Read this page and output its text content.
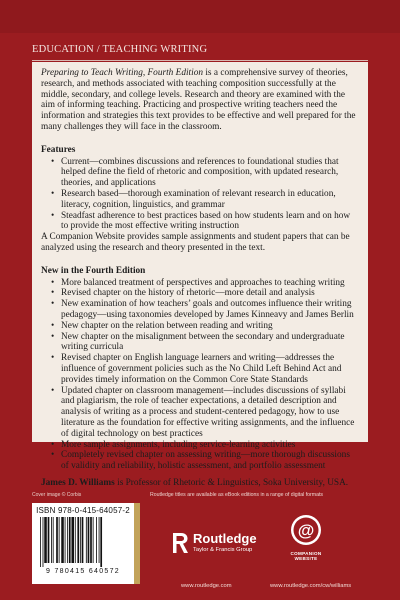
EDUCATION / TEACHING WRITING

Preparing to Teach Writing, Fourth Edition is a comprehensive survey of theories, research, and methods associated with teaching composition successfully at the middle, secondary, and college levels. Research and theory are examined with the aim of informing teaching. Practicing and prospective writing teachers need the information and strategies this text provides to be effective and well prepared for the many challenges they will face in the classroom.

Features

• Current—combines discussions and references to foundational studies that helped define the field of rhetoric and composition, with updated research, theories, and applications
• Research based—thorough examination of relevant research in education, literacy, cognition, linguistics, and grammar
• Steadfast adherence to best practices based on how students learn and on how to provide the most effective writing instruction

A Companion Website provides sample assignments and student papers that can be analyzed using the research and theory presented in the text.

New in the Fourth Edition

• More balanced treatment of perspectives and approaches to teaching writing
• Revised chapter on the history of rhetoric—more detail and analysis
• New examination of how teachers’ goals and outcomes influence their writing pedagogy—using taxonomies developed by James Kinneavy and James Berlin
• New chapter on the relation between reading and writing
• New chapter on the misalignment between the secondary and undergraduate writing curricula
• Revised chapter on English language learners and writing—addresses the influence of government policies such as the No Child Left Behind Act and provides timely information on the Common Core State Standards
• Updated chapter on classroom management—includes discussions of syllabi and plagiarism, the role of teacher expectations, a detailed description and analysis of writing as a process and student-centered pedagogy, how to use literature as the foundation for effective writing assignments, and the influence of digital technology on best practices
• More sample assignments, including service-learning activities
• Completely revised chapter on assessing writing—more thorough discussions of validity and reliability, holistic assessment, and portfolio assessment

James D. Williams is Professor of Rhetoric & Linguistics, Soka University, USA.

Cover image © Corbis	Routledge titles are available as eBook editions in a range of digital formats
ISBN 978-0-415-64057-2
9 780415 640572
Routledge
Taylor & Francis Group
www.routledge.com
@
COMPANION
WEBSITE
www.routledge.com/cw/williams
